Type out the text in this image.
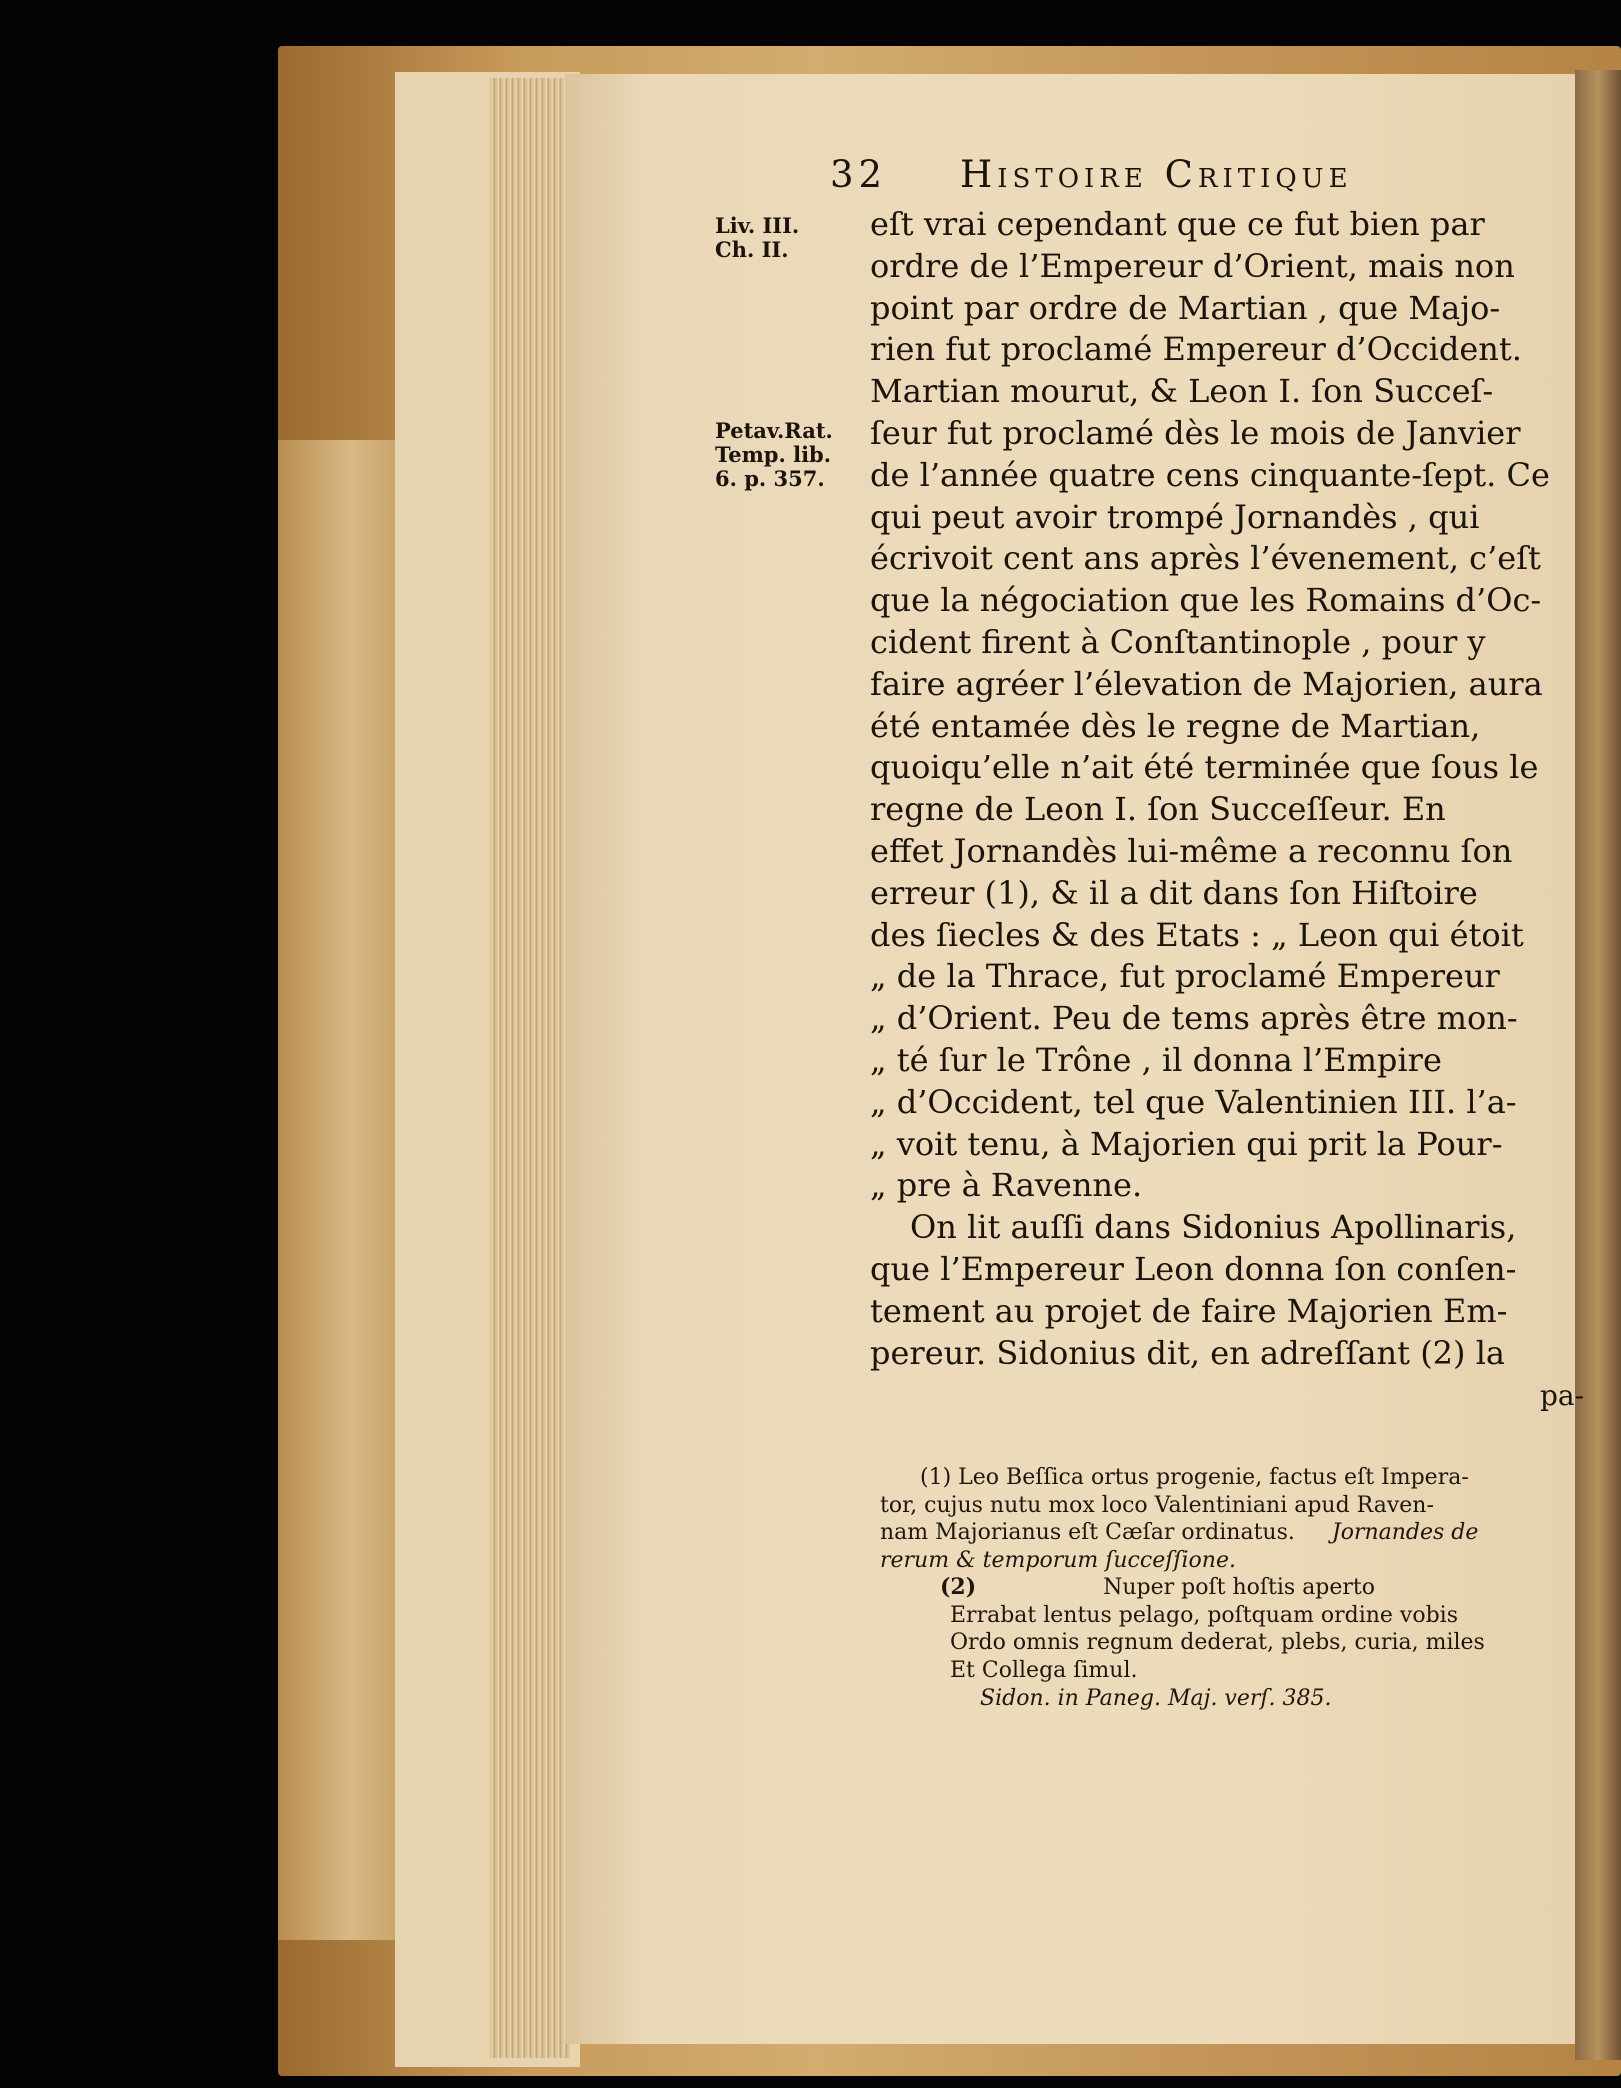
32 Histoire Critique
Liv. III.
Ch. II.
Petav.Rat.
Temp. lib.
6. p. 357.
eſt vrai cependant que ce fut bien par
ordre de l’Empereur d’Orient, mais non
point par ordre de Martian , que Majo-
rien fut proclamé Empereur d’Occident.
Martian mourut, & Leon I. ſon Succeſ-
ſeur fut proclamé dès le mois de Janvier
de l’année quatre cens cinquante-ſept. Ce
qui peut avoir trompé Jornandès , qui
écrivoit cent ans après l’évenement, c’eſt
que la négociation que les Romains d’Oc-
cident firent à Conſtantinople , pour y
faire agréer l’élevation de Majorien, aura
été entamée dès le regne de Martian,
quoiqu’elle n’ait été terminée que ſous le
regne de Leon I. ſon Succeſſeur. En
effet Jornandès lui-même a reconnu ſon
erreur (1), & il a dit dans ſon Hiſtoire
des ſiecles & des Etats : „ Leon qui étoit
„ de la Thrace, fut proclamé Empereur
„ d’Orient. Peu de tems après être mon-
„ té ſur le Trône , il donna l’Empire
„ d’Occident, tel que Valentinien III. l’a-
„ voit tenu, à Majorien qui prit la Pour-
„ pre à Ravenne.
On lit auſſi dans Sidonius Apollinaris,
que l’Empereur Leon donna ſon conſen-
tement au projet de faire Majorien Em-
pereur. Sidonius dit, en adreſſant (2) la
pa-
(1) Leo Beſſica ortus progenie, factus eſt Impera-
tor, cujus nutu mox loco Valentiniani apud Raven-
nam Majorianus eſt Cæſar ordinatus. Jornandes de
rerum & temporum ſucceſſione.
(2)	Nuper poſt hoſtis aperto
Errabat lentus pelago, poſtquam ordine vobis
Ordo omnis regnum dederat, plebs, curia, miles
Et Collega ſimul.
Sidon. in Paneg. Maj. verſ. 385.
